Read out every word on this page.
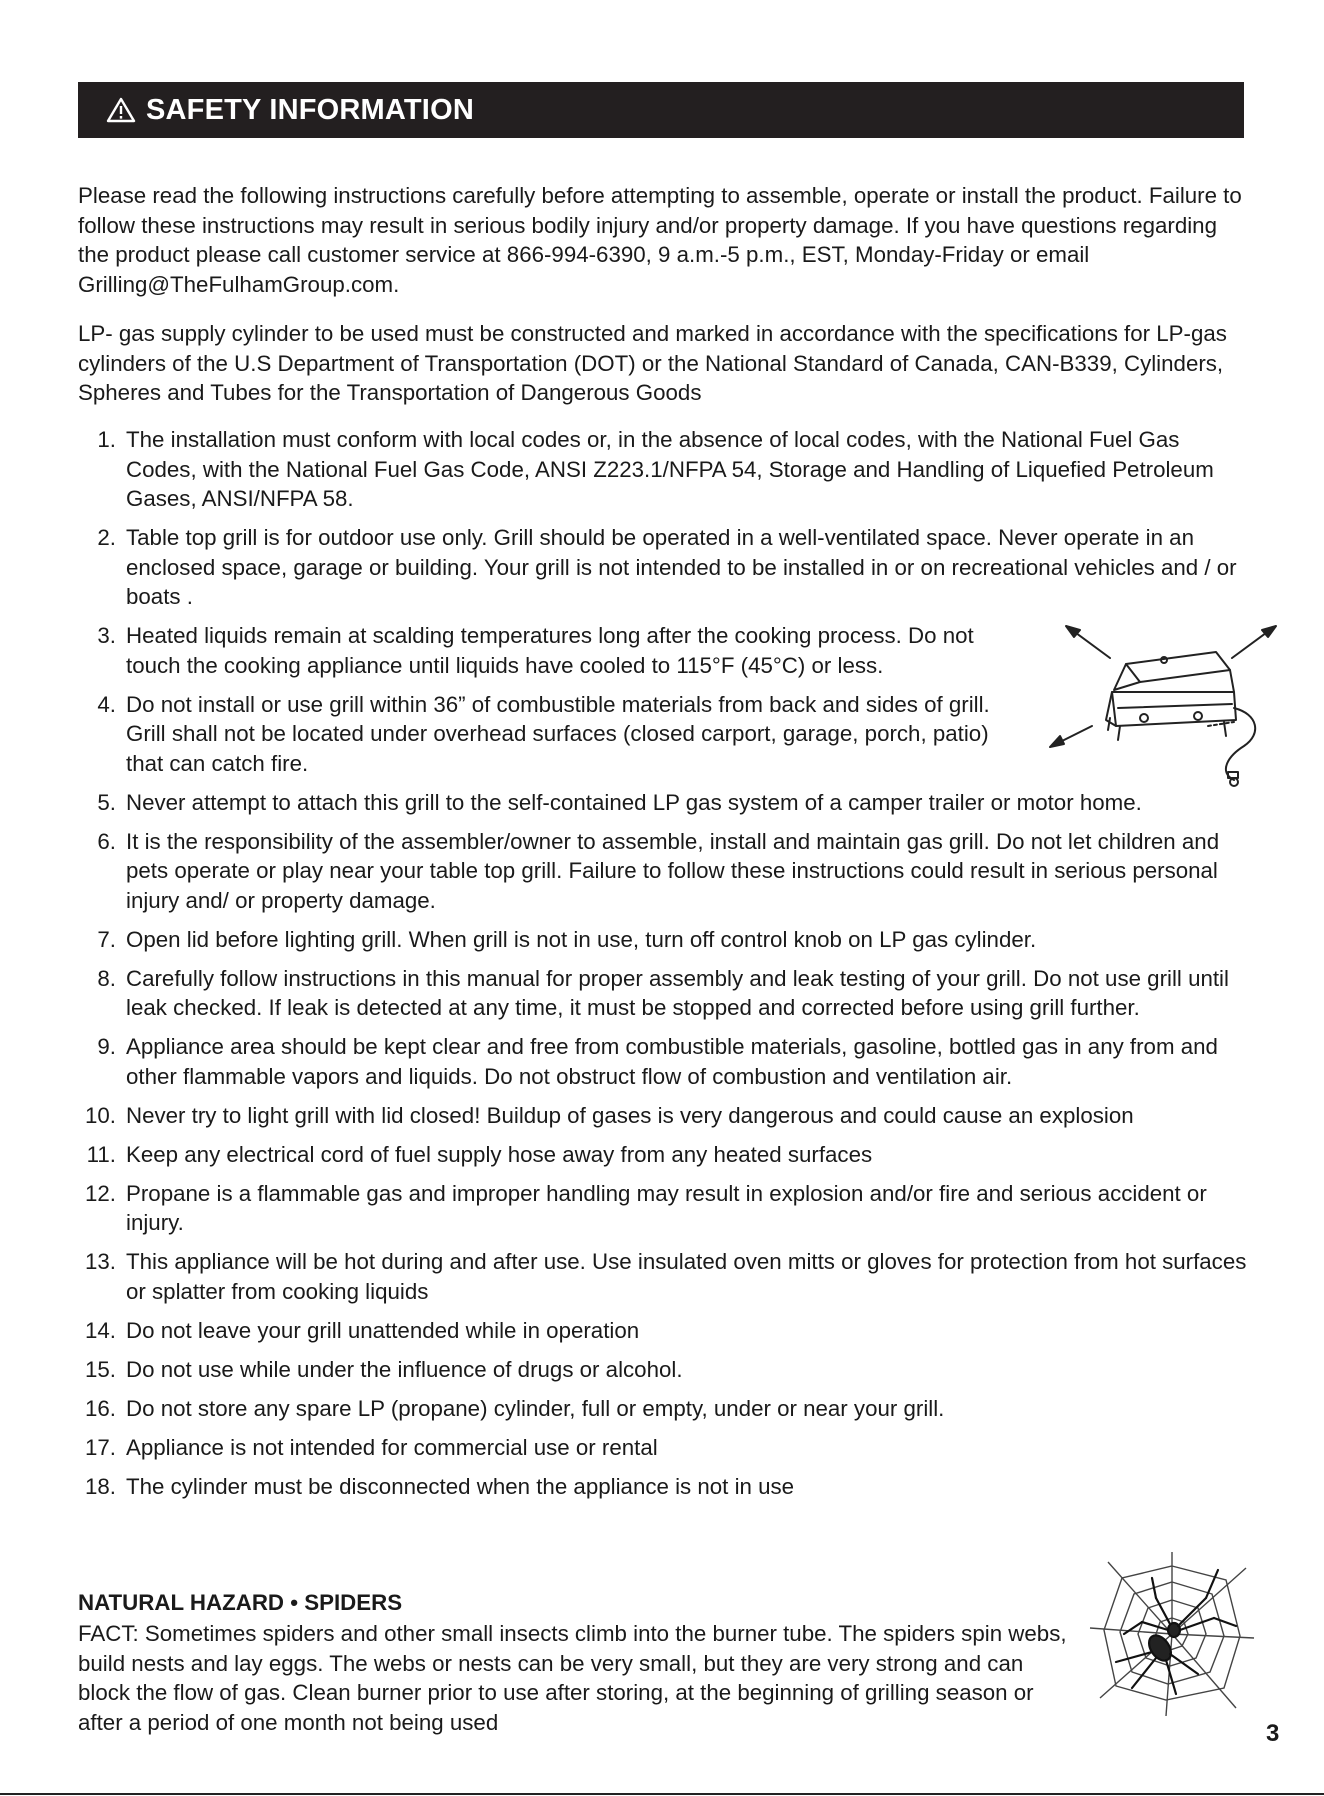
SAFETY INFORMATION

Please read the following instructions carefully before attempting to assemble, operate or install the product. Failure to follow these instructions may result in serious bodily injury and/or property damage. If you have questions regarding the product please call customer service at 866-994-6390, 9 a.m.-5 p.m., EST, Monday-Friday or email Grilling@TheFulhamGroup.com.

LP- gas supply cylinder to be used must be constructed and marked in accordance with the specifications for LP-gas cylinders of the U.S Department of Transportation (DOT) or the National Standard of Canada, CAN-B339, Cylinders, Spheres and Tubes for the Transportation of Dangerous Goods

1. The installation must conform with local codes or, in the absence of local codes, with the National Fuel Gas Codes, with the National Fuel Gas Code, ANSI Z223.1/NFPA 54, Storage and Handling of Liquefied Petroleum Gases, ANSI/NFPA 58.
2. Table top grill is for outdoor use only. Grill should be operated in a well-ventilated space. Never operate in an enclosed space, garage or building. Your grill is not intended to be installed in or on recreational vehicles and / or boats .
3. Heated liquids remain at scalding temperatures long after the cooking process. Do not touch the cooking appliance until liquids have cooled to 115°F (45°C) or less.
4. Do not install or use grill within 36” of combustible materials from back and sides of grill. Grill shall not be located under overhead surfaces (closed carport, garage, porch, patio) that can catch fire.
5. Never attempt to attach this grill to the self-contained LP gas system of a camper trailer or motor home.
6. It is the responsibility of the assembler/owner to assemble, install and maintain gas grill. Do not let children and pets operate or play near your table top grill. Failure to follow these instructions could result in serious personal injury and/ or property damage.
7. Open lid before lighting grill. When grill is not in use, turn off control knob on LP gas cylinder.
8. Carefully follow instructions in this manual for proper assembly and leak testing of your grill. Do not use grill until leak checked. If leak is detected at any time, it must be stopped and corrected before using grill further.
9. Appliance area should be kept clear and free from combustible materials, gasoline, bottled gas in any from and other flammable vapors and liquids. Do not obstruct flow of combustion and ventilation air.
10. Never try to light grill with lid closed! Buildup of gases is very dangerous and could cause an explosion
11. Keep any electrical cord of fuel supply hose away from any heated surfaces
12. Propane is a flammable gas and improper handling may result in explosion and/or fire and serious accident or injury.
13. This appliance will be hot during and after use. Use insulated oven mitts or gloves for protection from hot surfaces or splatter from cooking liquids
14. Do not leave your grill unattended while in operation
15. Do not use while under the influence of drugs or alcohol.
16. Do not store any spare LP (propane) cylinder, full or empty, under or near your grill.
17. Appliance is not intended for commercial use or rental
18. The cylinder must be disconnected when the appliance is not in use
NATURAL HAZARD • SPIDERS

FACT: Sometimes spiders and other small insects climb into the burner tube. The spiders spin webs, build nests and lay eggs. The webs or nests can be very small, but they are very strong and can block the flow of gas. Clean burner prior to use after storing, at the beginning of grilling season or after a period of one month not being used	3
